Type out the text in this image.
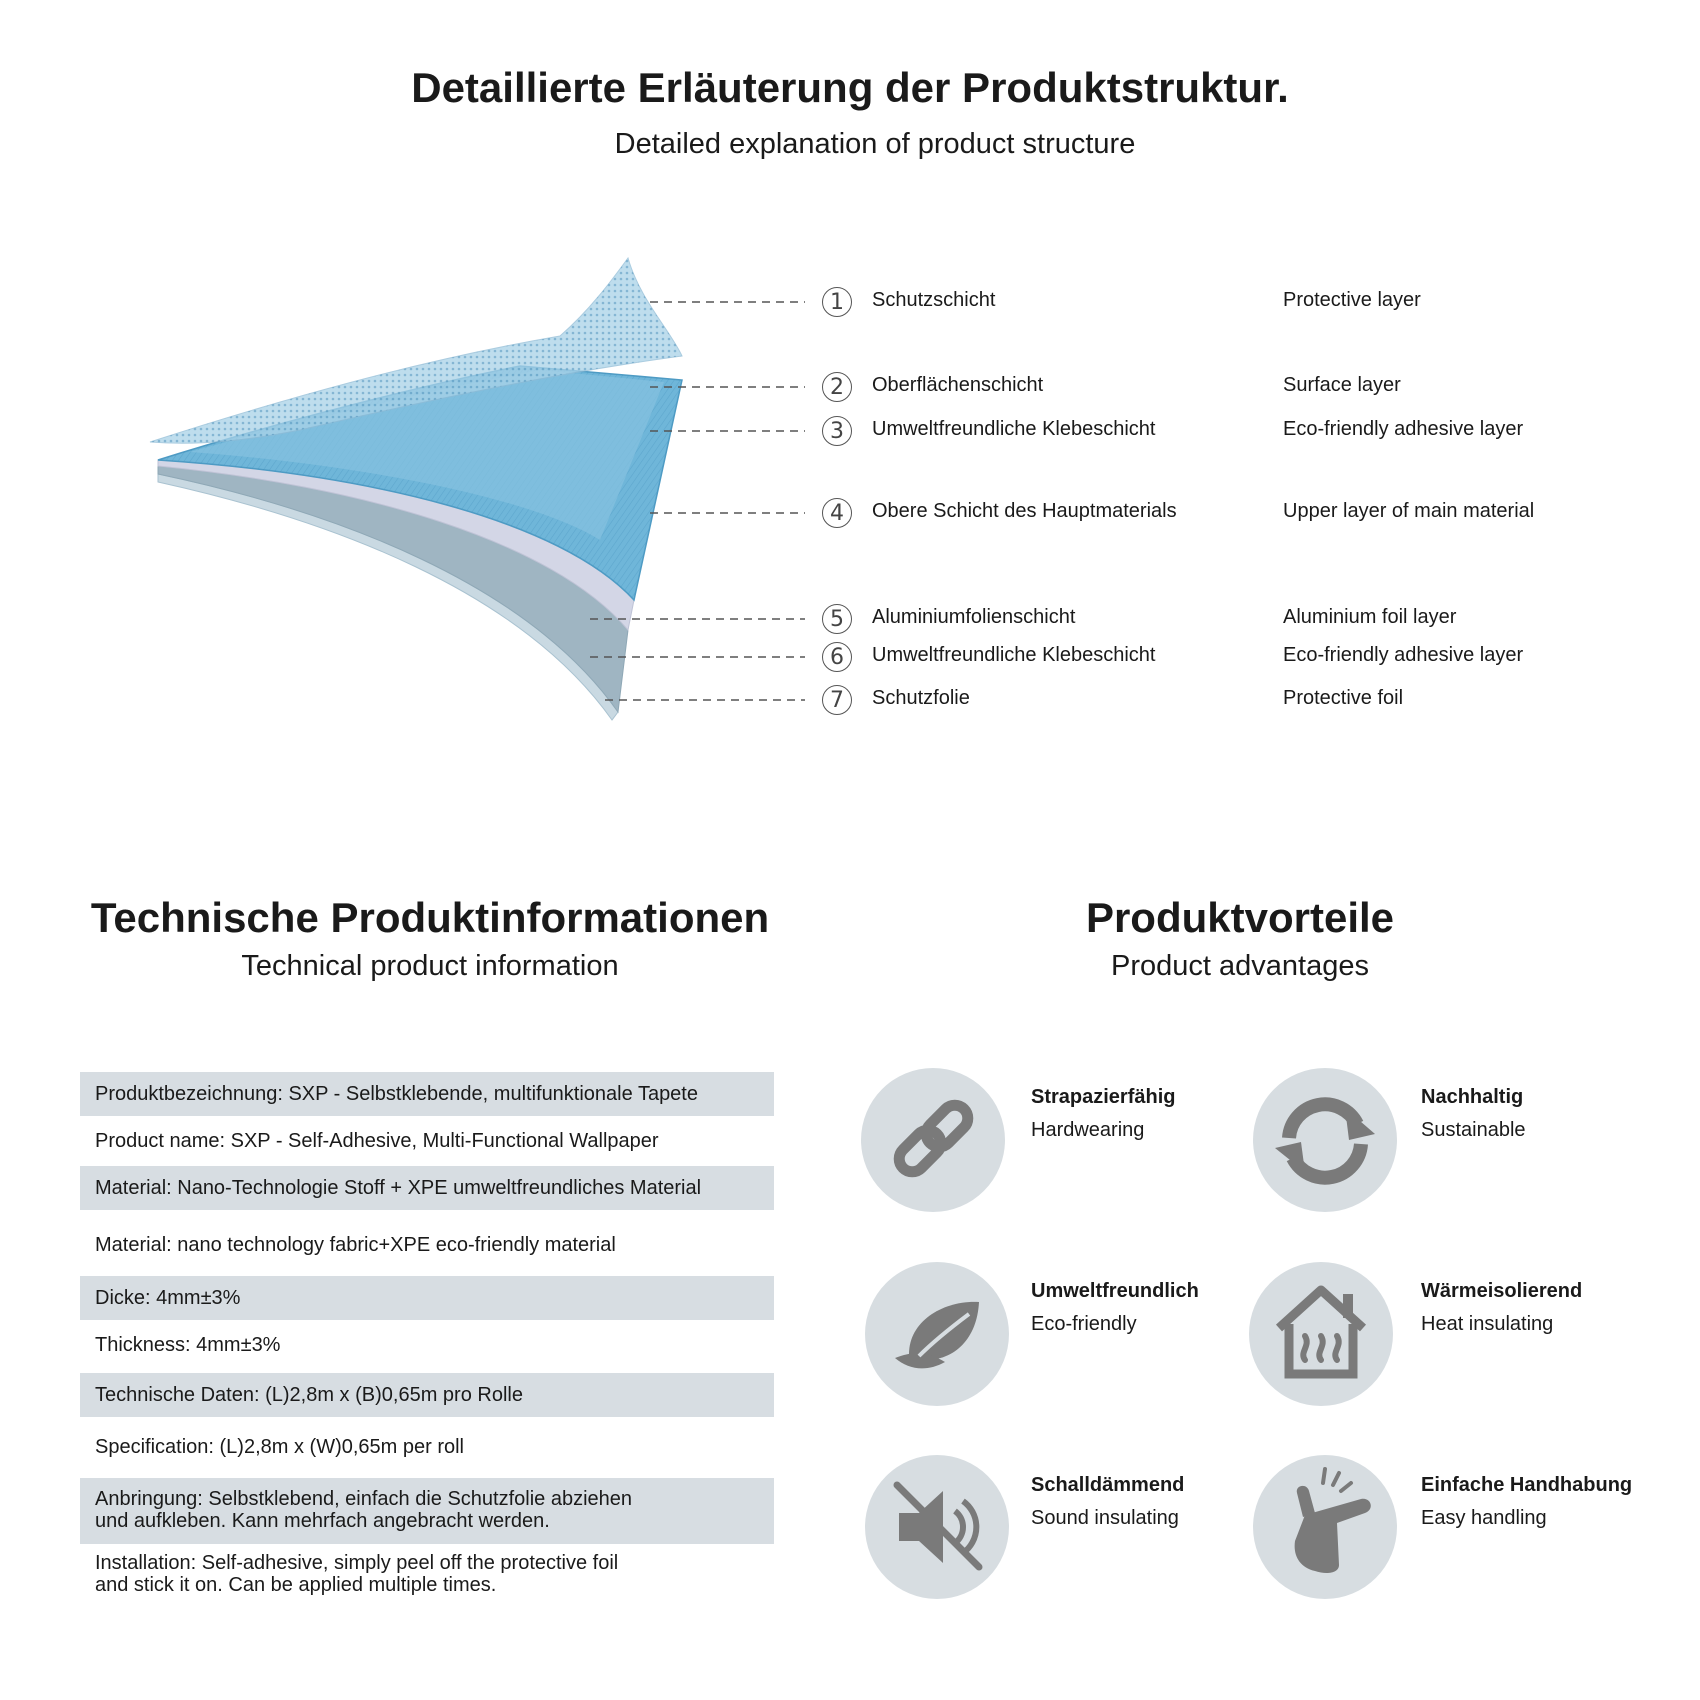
Detaillierte Erläuterung der Produktstruktur.
Detailed explanation of product structure
1	Schutzschicht	Protective layer
2	Oberflächenschicht	Surface layer
3	Umweltfreundliche Klebeschicht	Eco-friendly adhesive layer
4	Obere Schicht des Hauptmaterials	Upper layer of main material
5	Aluminiumfolienschicht	Aluminium foil layer
6	Umweltfreundliche Klebeschicht	Eco-friendly adhesive layer
7	Schutzfolie	Protective foil
Technische Produktinformationen
Technical product information
Produktbezeichnung: SXP - Selbstklebende, multifunktionale Tapete
Product name: SXP - Self-Adhesive, Multi-Functional Wallpaper
Material: Nano-Technologie Stoff + XPE umweltfreundliches Material
Material: nano technology fabric+XPE eco-friendly material
Dicke: 4mm±3%
Thickness: 4mm±3%
Technische Daten: (L)2,8m x (B)0,65m pro Rolle
Specification: (L)2,8m x (W)0,65m per roll
Anbringung: Selbstklebend, einfach die Schutzfolie abziehen
und aufkleben. Kann mehrfach angebracht werden.
Installation: Self-adhesive, simply peel off the protective foil
and stick it on. Can be applied multiple times.
Produktvorteile
Product advantages
Strapazierfähig
Hardwearing
Nachhaltig
Sustainable
Umweltfreundlich
Eco-friendly
Wärmeisolierend
Heat insulating
Schalldämmend
Sound insulating
Einfache Handhabung
Easy handling
